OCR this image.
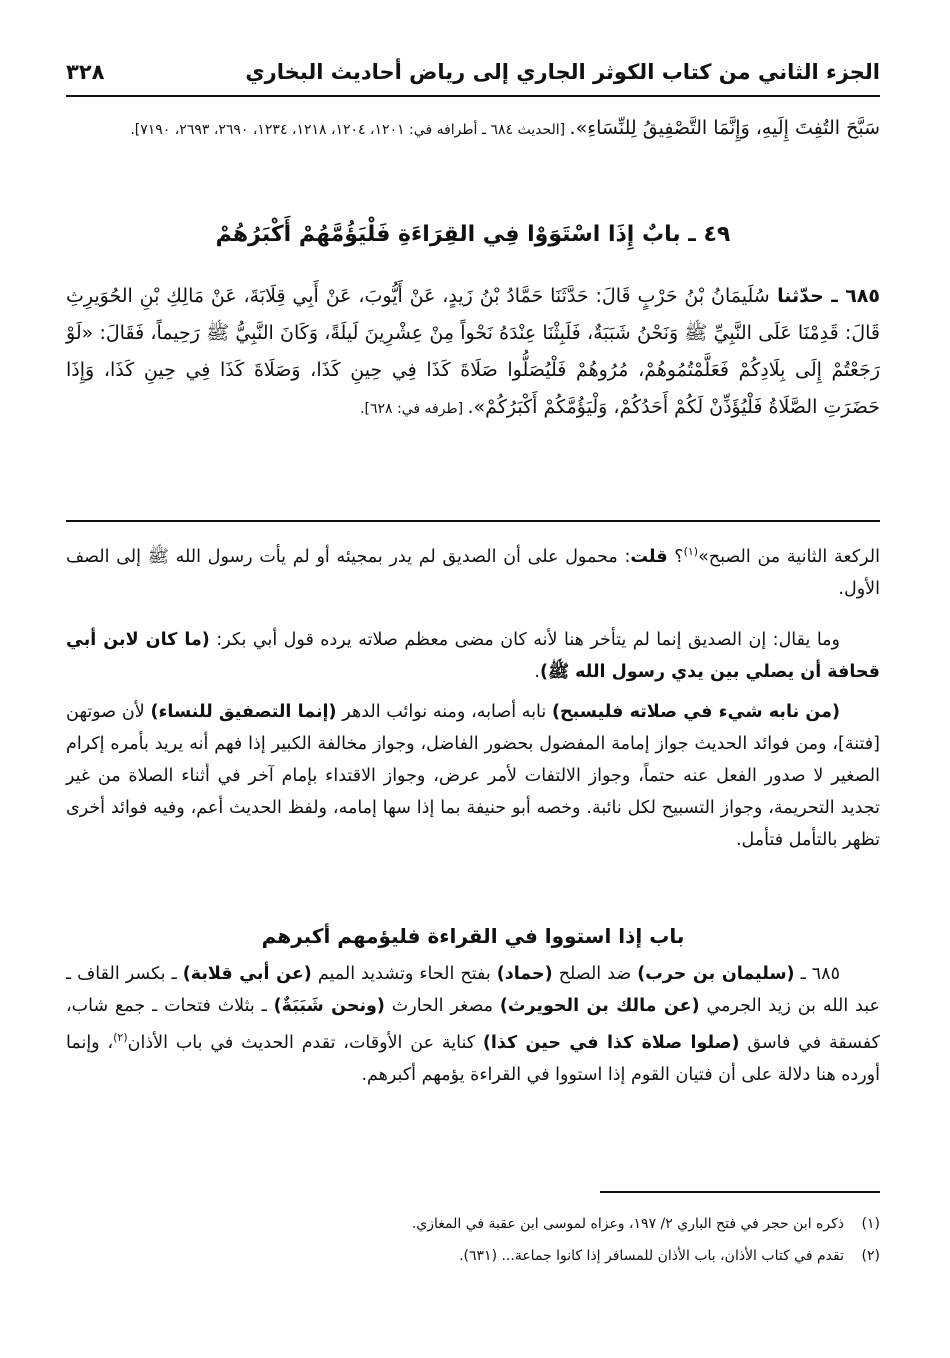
الجزء الثاني من كتاب الكوثر الجاري إلى رياض أحاديث البخاري
٣٢٨
سَبَّحَ التُفِتَ إِلَيهِ، وَإِنَّمَا التَّصْفِيقُ لِلنِّسَاءِ». [الحديث ٦٨٤ ـ أطرافه في: ١٢٠١، ١٢٠٤، ١٢١٨، ١٢٣٤، ٢٦٩٠، ٢٦٩٣، ٧١٩٠].
٤٩ ـ بابٌ إِذَا اسْتَوَوْا فِي القِرَاءَةِ فَلْيَؤُمَّهُمْ أَكْبَرُهُمْ
٦٨٥ ـ حدّثنا سُلَيمَانُ بْنُ حَرْبٍ قَالَ: حَدَّثَنَا حَمَّادُ بْنُ زَيدٍ، عَنْ أَيُّوبَ، عَنْ أَبِي قِلَابَةَ، عَنْ مَالِكِ بْنِ الحُوَيرِثِ قَالَ: قَدِمْنَا عَلَى النَّبِيِّ ﷺ وَنَحْنُ شَبَبَةٌ، فَلَبِثْنَا عِنْدَهُ نَحْواً مِنْ عِشْرِينَ لَيلَةً، وَكَانَ النَّبِيُّ ﷺ رَحِيماً، فَقَالَ: «لَوْ رَجَعْتُمْ إِلَى بِلَادِكُمْ فَعَلَّمْتُمُوهُمْ، مُرُوهُمْ فَلْيُصَلُّوا صَلَاةَ كَذَا فِي حِينِ كَذَا، وَصَلَاةَ كَذَا فِي حِينِ كَذَا، وَإِذَا حَضَرَتِ الصَّلَاةُ فَلْيُؤَذِّنْ لَكُمْ أَحَدُكُمْ، وَلْيَؤُمَّكُمْ أَكْبَرُكُمْ». [طرفه في: ٦٢٨].
الركعة الثانية من الصبح»$^{(١)}$؟ قلت: محمول على أن الصديق لم يدر بمجيئه أو لم يأت رسول الله ﷺ إلى الصف الأول.
وما يقال: إن الصديق إنما لم يتأخر هنا لأنه كان مضى معظم صلاته يرده قول أبي بكر: (ما كان لابن أبي قحافة أن يصلي بين يدي رسول الله ﷺ).
(من نابه شيء في صلاته فليسبح) نابه أصابه، ومنه نوائب الدهر (إنما التصفيق للنساء) لأن صوتهن [فتنة]، ومن فوائد الحديث جواز إمامة المفضول بحضور الفاضل، وجواز مخالفة الكبير إذا فهم أنه يريد بأمره إكرام الصغير لا صدور الفعل عنه حتماً، وجواز الالتفات لأمر عرض، وجواز الاقتداء بإمام آخر في أثناء الصلاة من غير تجديد التحريمة، وجواز التسبيح لكل نائبة. وخصه أبو حنيفة بما إذا سها إمامه، ولفظ الحديث أعم، وفيه فوائد أخرى تظهر بالتأمل فتأمل.
باب إذا استووا في القراءة فليؤمهم أكبرهم
٦٨٥ ـ (سليمان بن حرب) ضد الصلح (حماد) بفتح الحاء وتشديد الميم (عن أبي قلابة) ـ بكسر القاف ـ عبد الله بن زيد الجرمي (عن مالك بن الحويرث) مصغر الحارث (ونحن شَبَبَةٌ) ـ بثلاث فتحات ـ جمع شاب، كفسقة في فاسق (صلوا صلاة كذا في حين كذا) كناية عن الأوقات، تقدم الحديث في باب الأذان$^{(٢)}$، وإنما أورده هنا دلالة على أن فتيان القوم إذا استووا في القراءة يؤمهم أكبرهم.
(١)ذكره ابن حجر في فتح الباري ٢/ ١٩٧، وعزاه لموسى ابن عقبة في المغازي.
(٢)تقدم في كتاب الأذان، باب الأذان للمسافر إذا كانوا جماعة... (٦٣١).
